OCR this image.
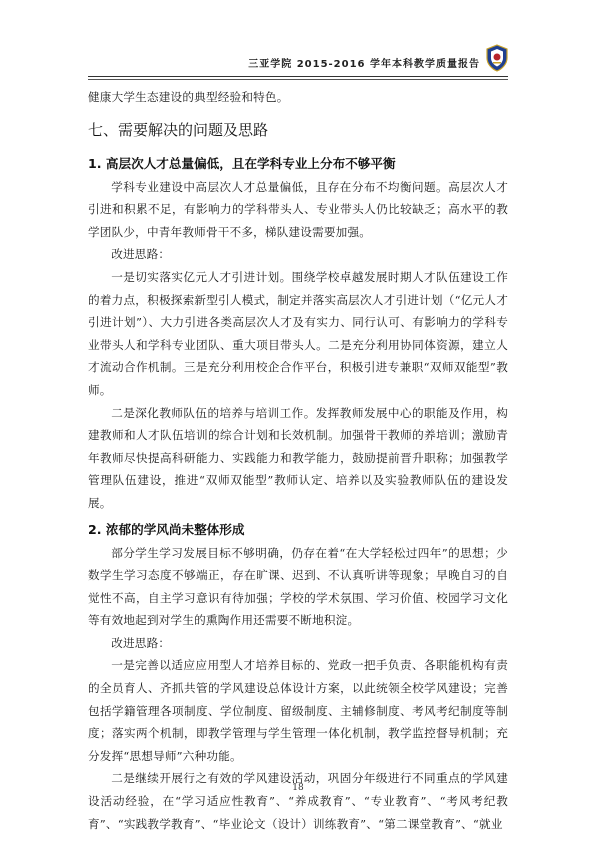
三亚学院 2015-2016 学年本科教学质量报告

健康大学生态建设的典型经验和特色。

七、需要解决的问题及思路
1. 高层次人才总量偏低，且在学科专业上分布不够平衡

学科专业建设中高层次人才总量偏低，且存在分布不均衡问题。高层次人才引进和积累不足，有影响力的学科带头人、专业带头人仍比较缺乏；高水平的教学团队少，中青年教师骨干不多，梯队建设需要加强。

改进思路：

一是切实落实亿元人才引进计划。围绕学校卓越发展时期人才队伍建设工作的着力点，积极探索新型引人模式，制定并落实高层次人才引进计划（“亿元人才引进计划”）、大力引进各类高层次人才及有实力、同行认可、有影响力的学科专业带头人和学科专业团队、重大项目带头人。二是充分利用协同体资源，建立人才流动合作机制。三是充分利用校企合作平台，积极引进专兼职“双师双能型”教师。

二是深化教师队伍的培养与培训工作。发挥教师发展中心的职能及作用，构建教师和人才队伍培训的综合计划和长效机制。加强骨干教师的养培训；激励青年教师尽快提高科研能力、实践能力和教学能力，鼓励提前晋升职称；加强教学管理队伍建设，推进“双师双能型”教师认定、培养以及实验教师队伍的建设发展。

2. 浓郁的学风尚未整体形成

部分学生学习发展目标不够明确，仍存在着“在大学轻松过四年”的思想；少数学生学习态度不够端正，存在旷课、迟到、不认真听讲等现象；早晚自习的自觉性不高，自主学习意识有待加强；学校的学术氛围、学习价值、校园学习文化等有效地起到对学生的熏陶作用还需要不断地积淀。

改进思路：

一是完善以适应应用型人才培养目标的、党政一把手负责、各职能机构有责的全员育人、齐抓共管的学风建设总体设计方案，以此统领全校学风建设；完善包括学籍管理各项制度、学位制度、留级制度、主辅修制度、考风考纪制度等制度；落实两个机制，即教学管理与学生管理一体化机制，教学监控督导机制；充分发挥“思想导师”六种功能。

二是继续开展行之有效的学风建设活动，巩固分年级进行不同重点的学风建设活动经验，在“学习适应性教育”、“养成教育”、“专业教育”、“考风考纪教育”、“实践教学教育”、“毕业论文（设计）训练教育”、“第二课堂教育”、“就业

18
